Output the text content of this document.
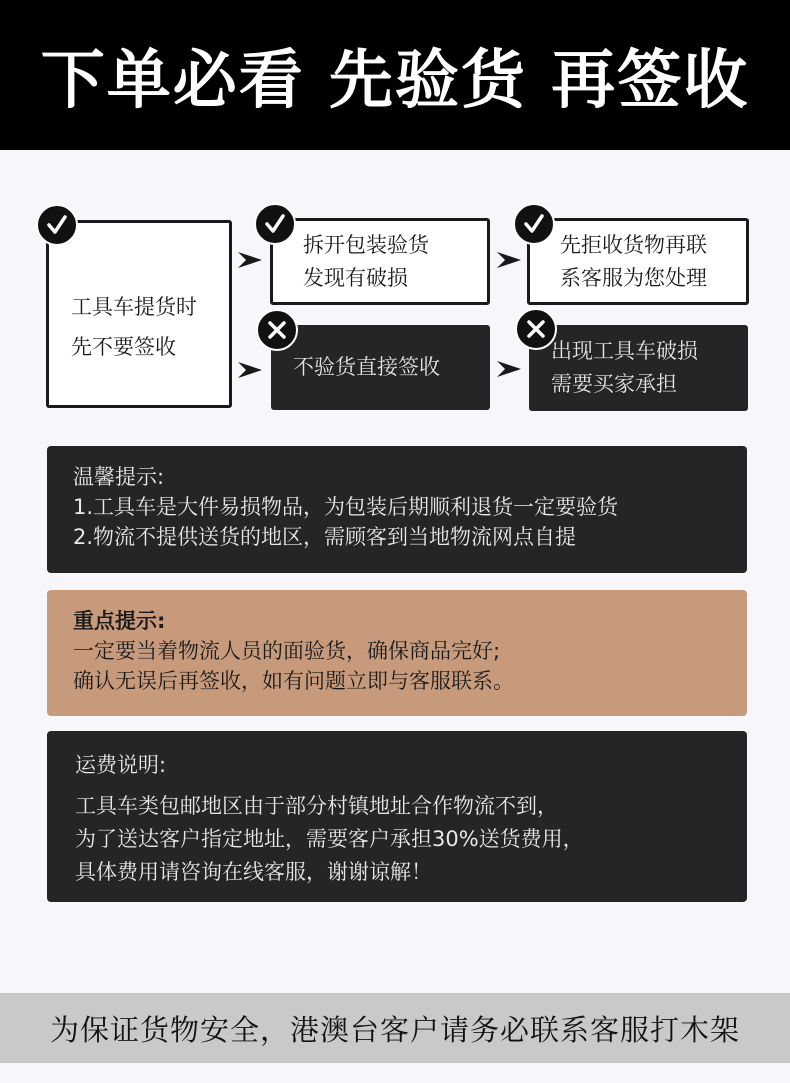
下单必看 先验货 再签收
工具车提货时
先不要签收
拆开包装验货
发现有破损
先拒收货物再联
系客服为您处理
不验货直接签收
出现工具车破损
需要买家承担
温馨提示:
1.工具车是大件易损物品，为包装后期顺利退货一定要验货
2.物流不提供送货的地区，需顾客到当地物流网点自提
重点提示:
一定要当着物流人员的面验货，确保商品完好;
确认无误后再签收，如有问题立即与客服联系。
运费说明:
工具车类包邮地区由于部分村镇地址合作物流不到，
为了送达客户指定地址，需要客户承担30%送货费用，
具体费用请咨询在线客服，谢谢谅解！
为保证货物安全，港澳台客户请务必联系客服打木架
